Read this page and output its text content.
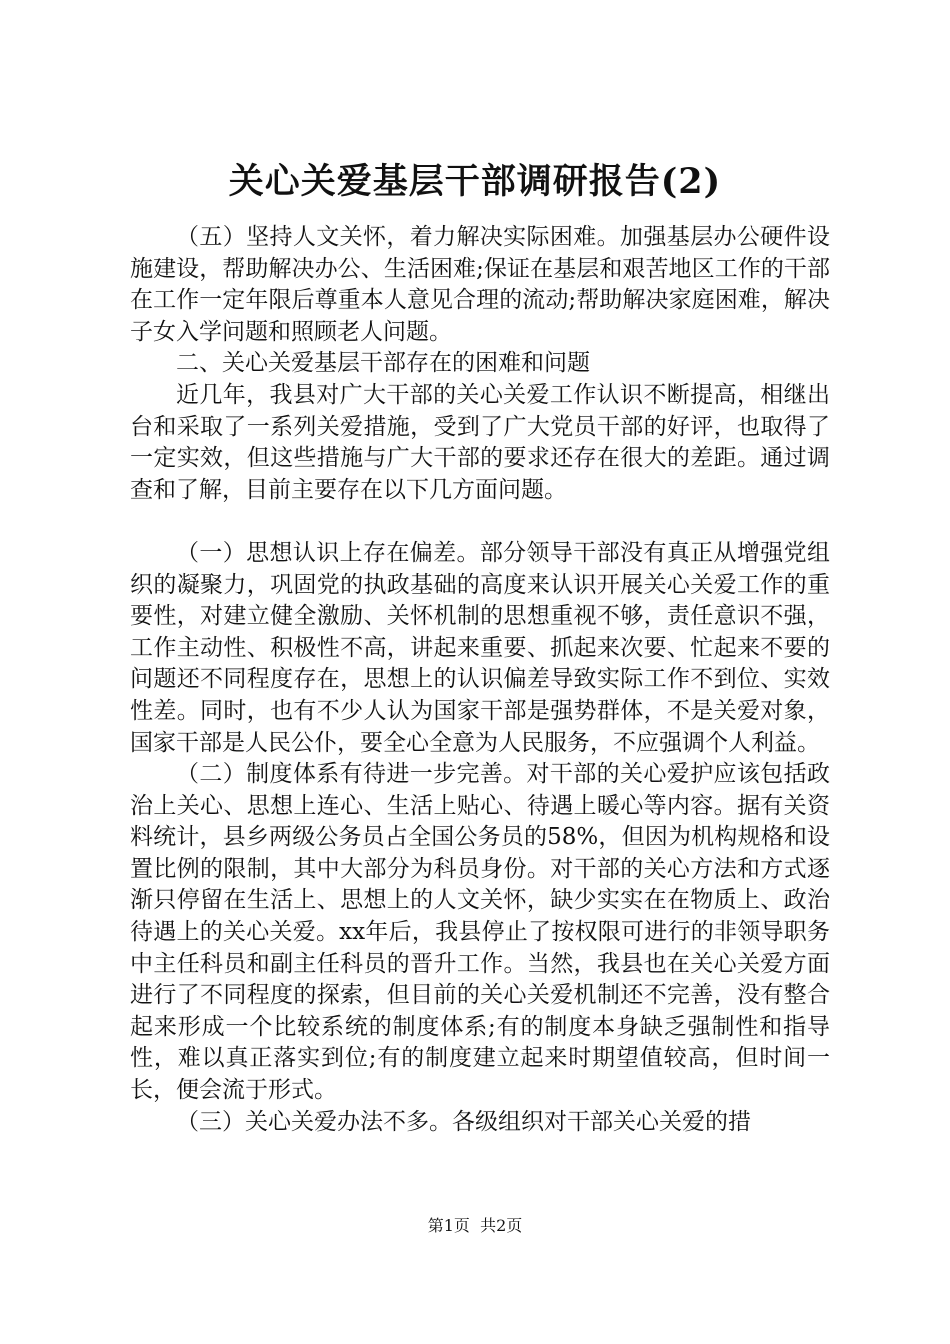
关心关爱基层干部调研报告(2)

（五）坚持人文关怀，着力解决实际困难。加强基层办公硬件设施建设，帮助解决办公、生活困难;保证在基层和艰苦地区工作的干部在工作一定年限后尊重本人意见合理的流动;帮助解决家庭困难，解决子女入学问题和照顾老人问题。

二、关心关爱基层干部存在的困难和问题

近几年，我县对广大干部的关心关爱工作认识不断提高，相继出台和采取了一系列关爱措施，受到了广大党员干部的好评，也取得了一定实效，但这些措施与广大干部的要求还存在很大的差距。通过调查和了解，目前主要存在以下几方面问题。

（一）思想认识上存在偏差。部分领导干部没有真正从增强党组织的凝聚力，巩固党的执政基础的高度来认识开展关心关爱工作的重要性，对建立健全激励、关怀机制的思想重视不够，责任意识不强，工作主动性、积极性不高，讲起来重要、抓起来次要、忙起来不要的问题还不同程度存在，思想上的认识偏差导致实际工作不到位、实效性差。同时，也有不少人认为国家干部是强势群体，不是关爱对象，国家干部是人民公仆，要全心全意为人民服务，不应强调个人利益。

（二）制度体系有待进一步完善。对干部的关心爱护应该包括政治上关心、思想上连心、生活上贴心、待遇上暖心等内容。据有关资料统计，县乡两级公务员占全国公务员的58%，但因为机构规格和设置比例的限制，其中大部分为科员身份。对干部的关心方法和方式逐渐只停留在生活上、思想上的人文关怀，缺少实实在在物质上、政治待遇上的关心关爱。xx年后，我县停止了按权限可进行的非领导职务中主任科员和副主任科员的晋升工作。当然，我县也在关心关爱方面进行了不同程度的探索，但目前的关心关爱机制还不完善，没有整合起来形成一个比较系统的制度体系;有的制度本身缺乏强制性和指导性，难以真正落实到位;有的制度建立起来时期望值较高，但时间一长，便会流于形式。

（三）关心关爱办法不多。各级组织对干部关心关爱的措

第1页  共2页
